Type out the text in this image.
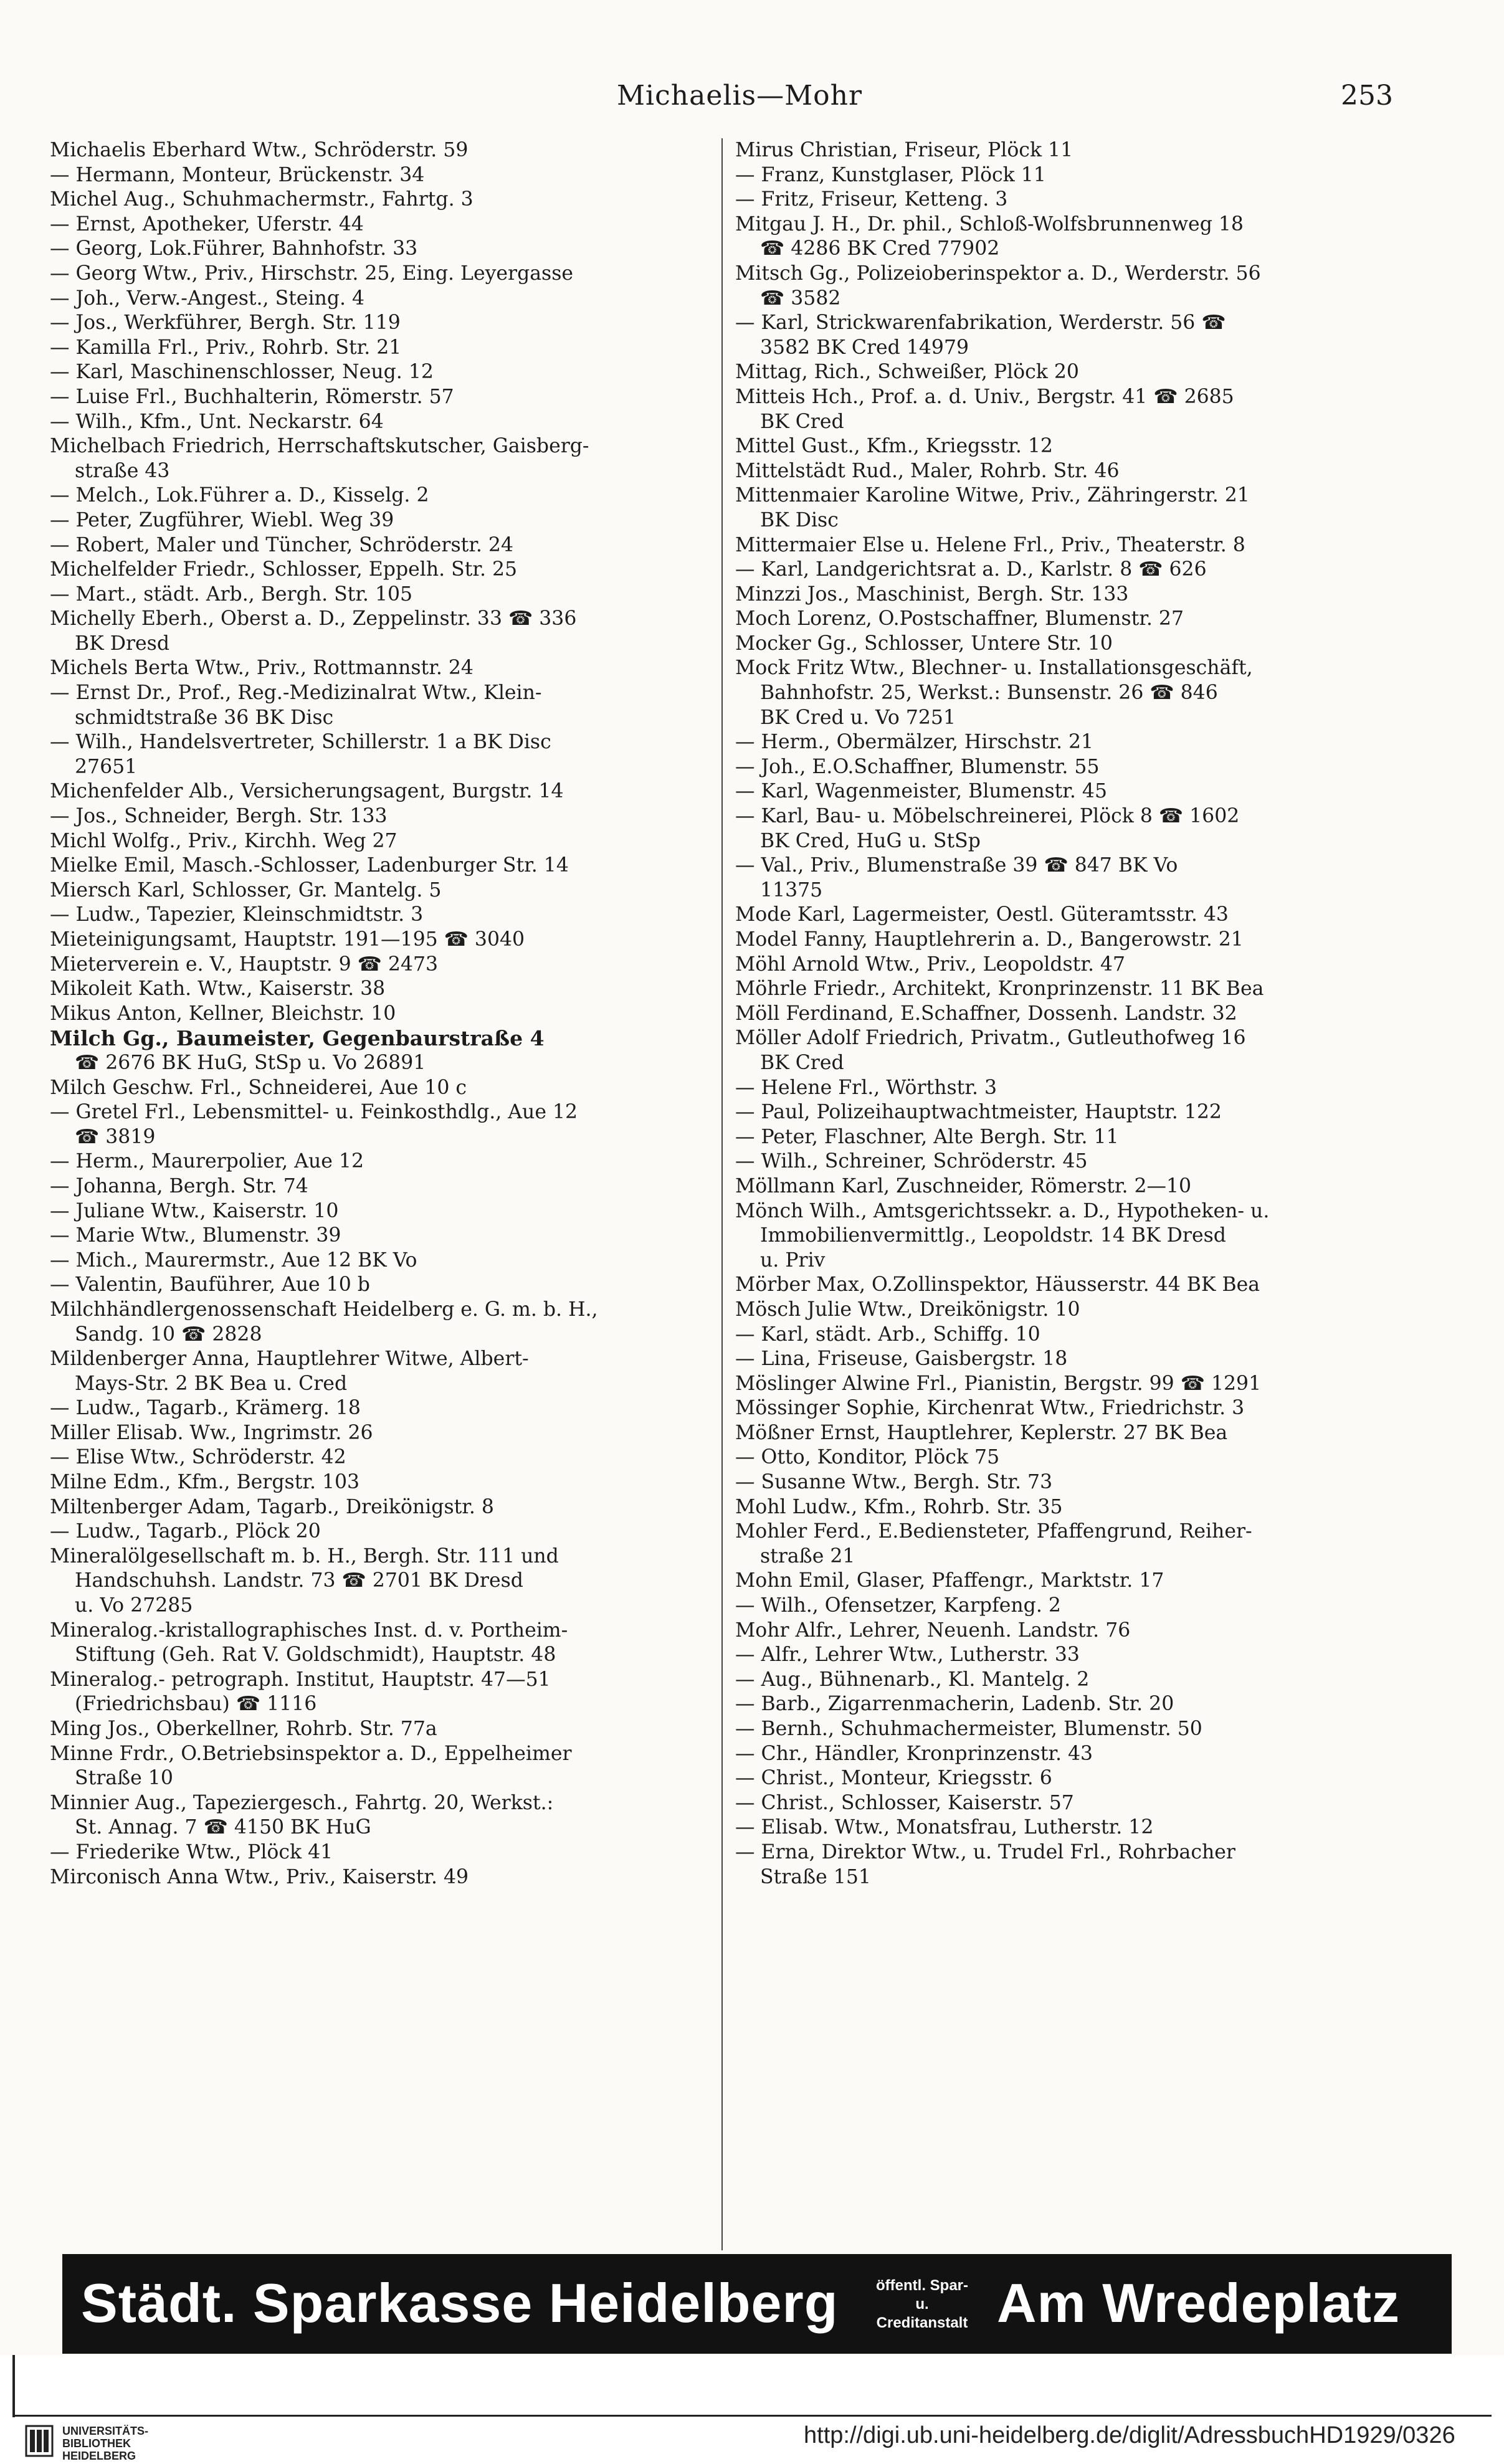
Michaelis—Mohr	253
Michaelis Eberhard Wtw., Schröderstr. 59
— Hermann, Monteur, Brückenstr. 34
Michel Aug., Schuhmachermstr., Fahrtg. 3
— Ernst, Apotheker, Uferstr. 44
— Georg, Lok.Führer, Bahnhofstr. 33
— Georg Wtw., Priv., Hirschstr. 25, Eing. Leyergasse
— Joh., Verw.-Angest., Steing. 4
— Jos., Werkführer, Bergh. Str. 119
— Kamilla Frl., Priv., Rohrb. Str. 21
— Karl, Maschinenschlosser, Neug. 12
— Luise Frl., Buchhalterin, Römerstr. 57
— Wilh., Kfm., Unt. Neckarstr. 64
Michelbach Friedrich, Herrschaftskutscher, Gaisberg-
straße 43
— Melch., Lok.Führer a. D., Kisselg. 2
— Peter, Zugführer, Wiebl. Weg 39
— Robert, Maler und Tüncher, Schröderstr. 24
Michelfelder Friedr., Schlosser, Eppelh. Str. 25
— Mart., städt. Arb., Bergh. Str. 105
Michelly Eberh., Oberst a. D., Zeppelinstr. 33 ☎ 336
BK Dresd
Michels Berta Wtw., Priv., Rottmannstr. 24
— Ernst Dr., Prof., Reg.-Medizinalrat Wtw., Klein-
schmidtstraße 36 BK Disc
— Wilh., Handelsvertreter, Schillerstr. 1 a BK Disc
27651
Michenfelder Alb., Versicherungsagent, Burgstr. 14
— Jos., Schneider, Bergh. Str. 133
Michl Wolfg., Priv., Kirchh. Weg 27
Mielke Emil, Masch.-Schlosser, Ladenburger Str. 14
Miersch Karl, Schlosser, Gr. Mantelg. 5
— Ludw., Tapezier, Kleinschmidtstr. 3
Mieteinigungsamt, Hauptstr. 191—195 ☎ 3040
Mieterverein e. V., Hauptstr. 9 ☎ 2473
Mikoleit Kath. Wtw., Kaiserstr. 38
Mikus Anton, Kellner, Bleichstr. 10
Milch Gg., Baumeister, Gegenbaurstraße 4
☎ 2676 BK HuG, StSp u. Vo 26891
Milch Geschw. Frl., Schneiderei, Aue 10 c
— Gretel Frl., Lebensmittel- u. Feinkosthdlg., Aue 12
☎ 3819
— Herm., Maurerpolier, Aue 12
— Johanna, Bergh. Str. 74
— Juliane Wtw., Kaiserstr. 10
— Marie Wtw., Blumenstr. 39
— Mich., Maurermstr., Aue 12 BK Vo
— Valentin, Bauführer, Aue 10 b
Milchhändlergenossenschaft Heidelberg e. G. m. b. H.,
Sandg. 10 ☎ 2828
Mildenberger Anna, Hauptlehrer Witwe, Albert-
Mays-Str. 2 BK Bea u. Cred
— Ludw., Tagarb., Krämerg. 18
Miller Elisab. Ww., Ingrimstr. 26
— Elise Wtw., Schröderstr. 42
Milne Edm., Kfm., Bergstr. 103
Miltenberger Adam, Tagarb., Dreikönigstr. 8
— Ludw., Tagarb., Plöck 20
Mineralölgesellschaft m. b. H., Bergh. Str. 111 und
Handschuhsh. Landstr. 73 ☎ 2701 BK Dresd
u. Vo 27285
Mineralog.-kristallographisches Inst. d. v. Portheim-
Stiftung (Geh. Rat V. Goldschmidt), Hauptstr. 48
Mineralog.- petrograph. Institut, Hauptstr. 47—51
(Friedrichsbau) ☎ 1116
Ming Jos., Oberkellner, Rohrb. Str. 77a
Minne Frdr., O.Betriebsinspektor a. D., Eppelheimer
Straße 10
Minnier Aug., Tapeziergesch., Fahrtg. 20, Werkst.:
St. Annag. 7 ☎ 4150 BK HuG
— Friederike Wtw., Plöck 41
Mirconisch Anna Wtw., Priv., Kaiserstr. 49
Mirus Christian, Friseur, Plöck 11
— Franz, Kunstglaser, Plöck 11
— Fritz, Friseur, Ketteng. 3
Mitgau J. H., Dr. phil., Schloß-Wolfsbrunnenweg 18
☎ 4286 BK Cred 77902
Mitsch Gg., Polizeioberinspektor a. D., Werderstr. 56
☎ 3582
— Karl, Strickwarenfabrikation, Werderstr. 56 ☎
3582 BK Cred 14979
Mittag, Rich., Schweißer, Plöck 20
Mitteis Hch., Prof. a. d. Univ., Bergstr. 41 ☎ 2685
BK Cred
Mittel Gust., Kfm., Kriegsstr. 12
Mittelstädt Rud., Maler, Rohrb. Str. 46
Mittenmaier Karoline Witwe, Priv., Zähringerstr. 21
BK Disc
Mittermaier Else u. Helene Frl., Priv., Theaterstr. 8
— Karl, Landgerichtsrat a. D., Karlstr. 8 ☎ 626
Minzzi Jos., Maschinist, Bergh. Str. 133
Moch Lorenz, O.Postschaffner, Blumenstr. 27
Mocker Gg., Schlosser, Untere Str. 10
Mock Fritz Wtw., Blechner- u. Installationsgeschäft,
Bahnhofstr. 25, Werkst.: Bunsenstr. 26 ☎ 846
BK Cred u. Vo 7251
— Herm., Obermälzer, Hirschstr. 21
— Joh., E.O.Schaffner, Blumenstr. 55
— Karl, Wagenmeister, Blumenstr. 45
— Karl, Bau- u. Möbelschreinerei, Plöck 8 ☎ 1602
BK Cred, HuG u. StSp
— Val., Priv., Blumenstraße 39 ☎ 847 BK Vo
11375
Mode Karl, Lagermeister, Oestl. Güteramtsstr. 43
Model Fanny, Hauptlehrerin a. D., Bangerowstr. 21
Möhl Arnold Wtw., Priv., Leopoldstr. 47
Möhrle Friedr., Architekt, Kronprinzenstr. 11 BK Bea
Möll Ferdinand, E.Schaffner, Dossenh. Landstr. 32
Möller Adolf Friedrich, Privatm., Gutleuthofweg 16
BK Cred
— Helene Frl., Wörthstr. 3
— Paul, Polizeihauptwachtmeister, Hauptstr. 122
— Peter, Flaschner, Alte Bergh. Str. 11
— Wilh., Schreiner, Schröderstr. 45
Möllmann Karl, Zuschneider, Römerstr. 2—10
Mönch Wilh., Amtsgerichtssekr. a. D., Hypotheken- u.
Immobilienvermittlg., Leopoldstr. 14 BK Dresd
u. Priv
Mörber Max, O.Zollinspektor, Häusserstr. 44 BK Bea
Mösch Julie Wtw., Dreikönigstr. 10
— Karl, städt. Arb., Schiffg. 10
— Lina, Friseuse, Gaisbergstr. 18
Möslinger Alwine Frl., Pianistin, Bergstr. 99 ☎ 1291
Mössinger Sophie, Kirchenrat Wtw., Friedrichstr. 3
Mößner Ernst, Hauptlehrer, Keplerstr. 27 BK Bea
— Otto, Konditor, Plöck 75
— Susanne Wtw., Bergh. Str. 73
Mohl Ludw., Kfm., Rohrb. Str. 35
Mohler Ferd., E.Bediensteter, Pfaffengrund, Reiher-
straße 21
Mohn Emil, Glaser, Pfaffengr., Marktstr. 17
— Wilh., Ofensetzer, Karpfeng. 2
Mohr Alfr., Lehrer, Neuenh. Landstr. 76
— Alfr., Lehrer Wtw., Lutherstr. 33
— Aug., Bühnenarb., Kl. Mantelg. 2
— Barb., Zigarrenmacherin, Ladenb. Str. 20
— Bernh., Schuhmachermeister, Blumenstr. 50
— Chr., Händler, Kronprinzenstr. 43
— Christ., Monteur, Kriegsstr. 6
— Christ., Schlosser, Kaiserstr. 57
— Elisab. Wtw., Monatsfrau, Lutherstr. 12
— Erna, Direktor Wtw., u. Trudel Frl., Rohrbacher
Straße 151
Städt. Sparkasse Heidelberg	öffentl. Spar- u.
Creditanstalt Am Wredeplatz
UNIVERSITÄTS-
BIBLIOTHEK
HEIDELBERG
http://digi.ub.uni-heidelberg.de/diglit/AdressbuchHD1929/0326
